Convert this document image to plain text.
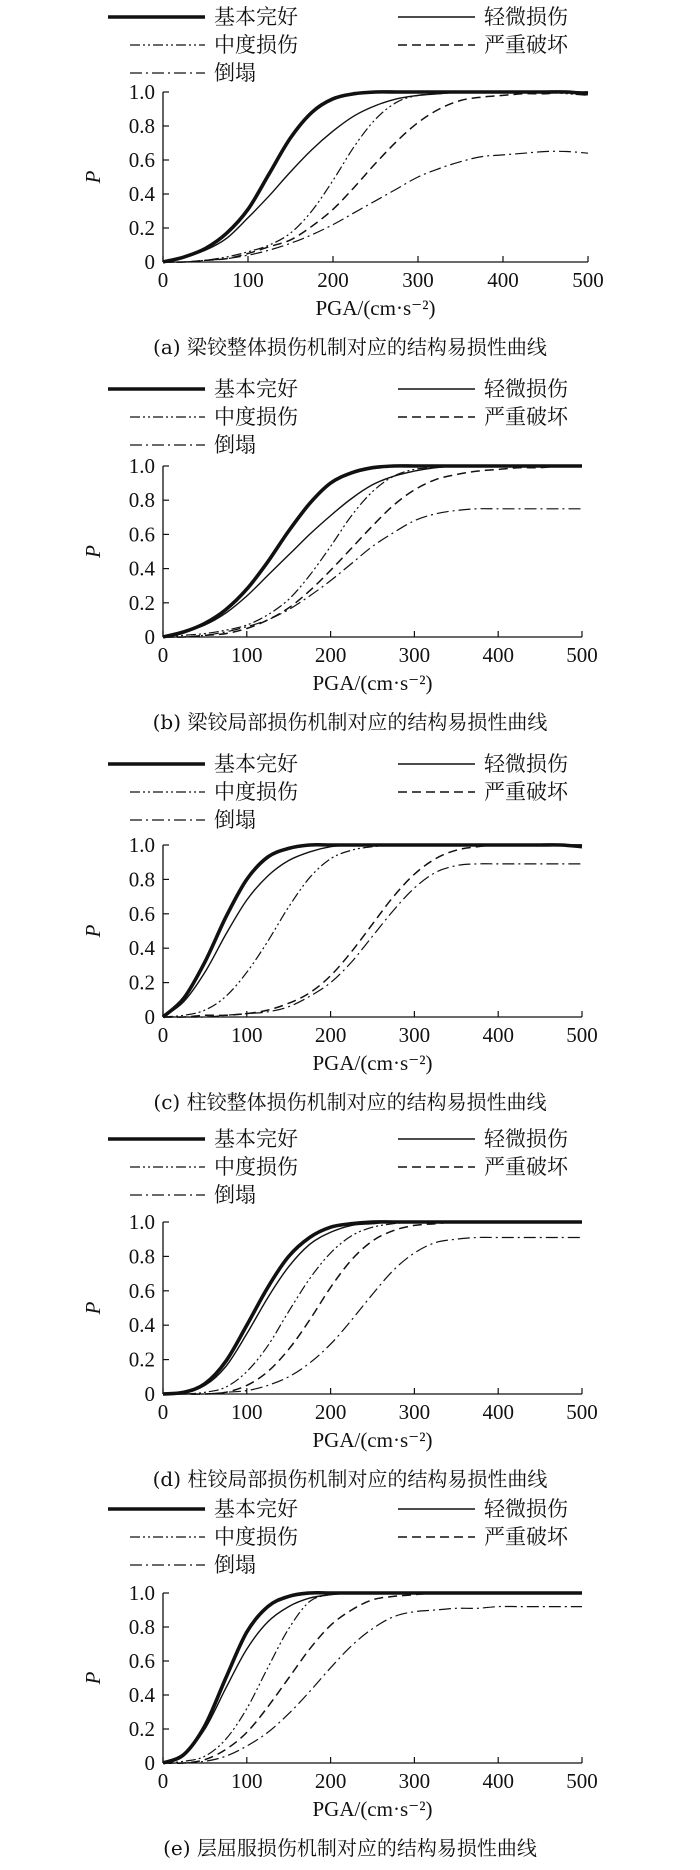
基本完好	轻微损伤
中度损伤	严重破坏
倒塌
0	100	200	300	400	500
0
0.2
0.4
0.6
0.8
1.0
PGA/(cm·s⁻²)
P
(a) 梁铰整体损伤机制对应的结构易损性曲线
基本完好	轻微损伤
中度损伤	严重破坏
倒塌
0	100 200 300 400 500
0
0.2
0.4
0.6
0.8
1.0
PGA/(cm·s⁻²)
P
(b) 梁铰局部损伤机制对应的结构易损性曲线
基本完好	轻微损伤
中度损伤	严重破坏
倒塌
0	100 200 300 400 500
0
0.2
0.4
0.6
0.8
1.0
PGA/(cm·s⁻²)
P
(c) 柱铰整体损伤机制对应的结构易损性曲线
基本完好	轻微损伤
中度损伤	严重破坏
倒塌
0	100 200 300 400 500
0
0.2
0.4
0.6
0.8
1.0
PGA/(cm·s⁻²)
P
(d) 柱铰局部损伤机制对应的结构易损性曲线
基本完好	轻微损伤
中度损伤	严重破坏
倒塌
0	100 200 300 400 500
0
0.2
0.4
0.6
0.8
1.0
PGA/(cm·s⁻²)
P
(e) 层屈服损伤机制对应的结构易损性曲线
